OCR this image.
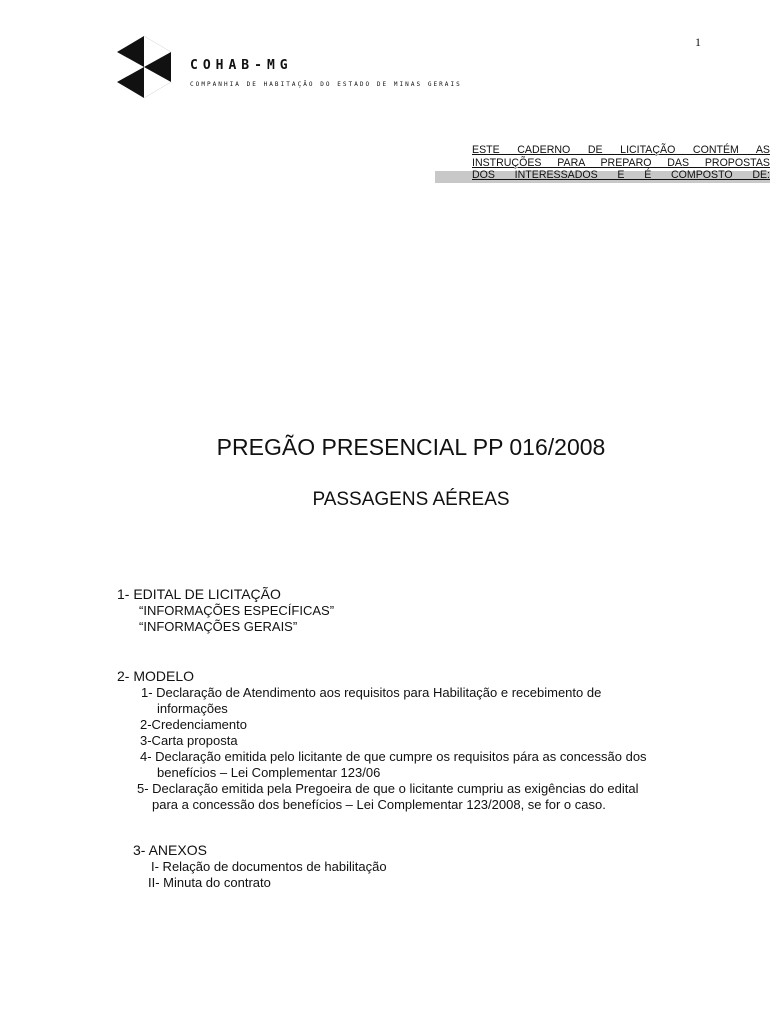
1
COHAB-MG
COMPANHIA DE HABITAÇÃO DO ESTADO DE MINAS GERAIS
ESTE CADERNO DE LICITAÇÃO CONTÉM AS
INSTRUÇÕES PARA PREPARO DAS PROPOSTAS
DOS INTERESSADOS E É COMPOSTO DE:
PREGÃO PRESENCIAL PP 016/2008
PASSAGENS AÉREAS
1- EDITAL DE LICITAÇÃO
“INFORMAÇÕES ESPECÍFICAS”
“INFORMAÇÕES GERAIS”
2- MODELO
1- Declaração de Atendimento aos requisitos para Habilitação e recebimento de
informações
2-Credenciamento
3-Carta proposta
4- Declaração emitida pelo licitante de que cumpre os requisitos pára as concessão dos
benefícios – Lei Complementar 123/06
5- Declaração emitida pela Pregoeira de que o licitante cumpriu as exigências do edital
para a concessão dos benefícios – Lei Complementar 123/2008, se for o caso.
3- ANEXOS
I- Relação de documentos de habilitação
II- Minuta do contrato
